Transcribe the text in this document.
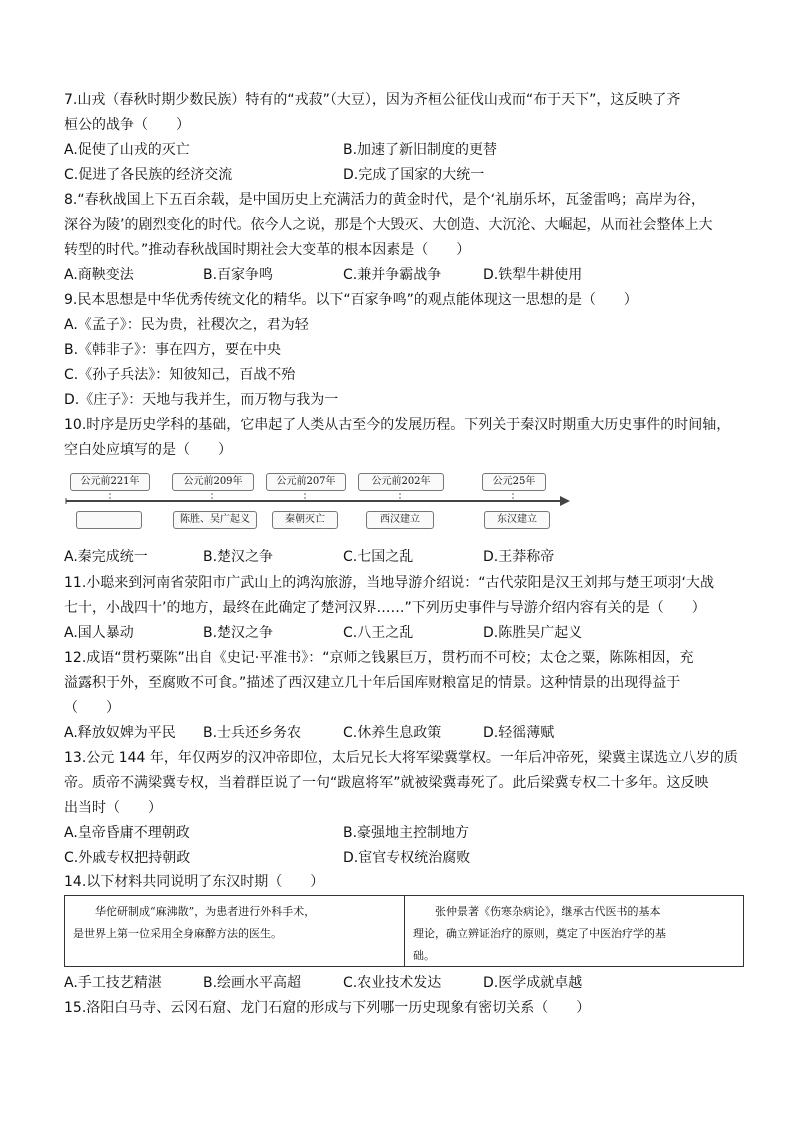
7.山戎（春秋时期少数民族）特有的“戎菽”（大豆），因为齐桓公征伐山戎而“布于天下”，这反映了齐
桓公的战争（　　）
A.促使了山戎的灭亡	B.加速了新旧制度的更替
C.促进了各民族的经济交流	D.完成了国家的大统一
8.“春秋战国上下五百余载，是中国历史上充满活力的黄金时代，是个‘礼崩乐坏，瓦釜雷鸣；高岸为谷，
深谷为陵’的剧烈变化的时代。依今人之说，那是个大毁灭、大创造、大沉沦、大崛起，从而社会整体上大
转型的时代。”推动春秋战国时期社会大变革的根本因素是（　　）
A.商鞅变法	B.百家争鸣	C.兼并争霸战争	D.铁犁牛耕使用
9.民本思想是中华优秀传统文化的精华。以下“百家争鸣”的观点能体现这一思想的是（　　）
A.《孟子》：民为贵，社稷次之，君为轻
B.《韩非子》：事在四方，要在中央
C.《孙子兵法》：知彼知己，百战不殆
D.《庄子》：天地与我并生，而万物与我为一
10.时序是历史学科的基础，它串起了人类从古至今的发展历程。下列关于秦汉时期重大历史事件的时间轴，
空白处应填写的是（　　）
公元前221年	公元前209年	公元前207年	公元前202年	公元25年
陈胜、吴广起义	秦朝灭亡	西汉建立	东汉建立
A.秦完成统一	B.楚汉之争	C.七国之乱	D.王莽称帝
11.小聪来到河南省荥阳市广武山上的鸿沟旅游，当地导游介绍说：“古代荥阳是汉王刘邦与楚王项羽‘大战
七十，小战四十’的地方，最终在此确定了楚河汉界……”下列历史事件与导游介绍内容有关的是（　　）
A.国人暴动	B.楚汉之争	C.八王之乱	D.陈胜吴广起义
12.成语“贯朽粟陈”出自《史记·平准书》：“京师之钱累巨万，贯朽而不可校；太仓之粟，陈陈相因，充
溢露积于外，至腐败不可食。”描述了西汉建立几十年后国库财粮富足的情景。这种情景的出现得益于
（　　）
A.释放奴婢为平民 B.士兵还乡务农	C.休养生息政策	D.轻徭薄赋
13.公元 144 年，年仅两岁的汉冲帝即位，太后兄长大将军梁冀掌权。一年后冲帝死，梁冀主谋选立八岁的质
帝。质帝不满梁冀专权，当着群臣说了一句“跋扈将军”就被梁冀毒死了。此后梁冀专权二十多年。这反映
出当时（　　）
A.皇帝昏庸不理朝政	B.豪强地主控制地方
C.外戚专权把持朝政	D.宦官专权统治腐败
14.以下材料共同说明了东汉时期（　　）
华佗研制成“麻沸散”，为患者进行外科手术，
是世界上第一位采用全身麻醉方法的医生。
张仲景著《伤寒杂病论》，继承古代医书的基本
理论，确立辨证治疗的原则，奠定了中医治疗学的基
础。
A.手工技艺精湛	B.绘画水平高超	C.农业技术发达	D.医学成就卓越
15.洛阳白马寺、云冈石窟、龙门石窟的形成与下列哪一历史现象有密切关系（　　）
